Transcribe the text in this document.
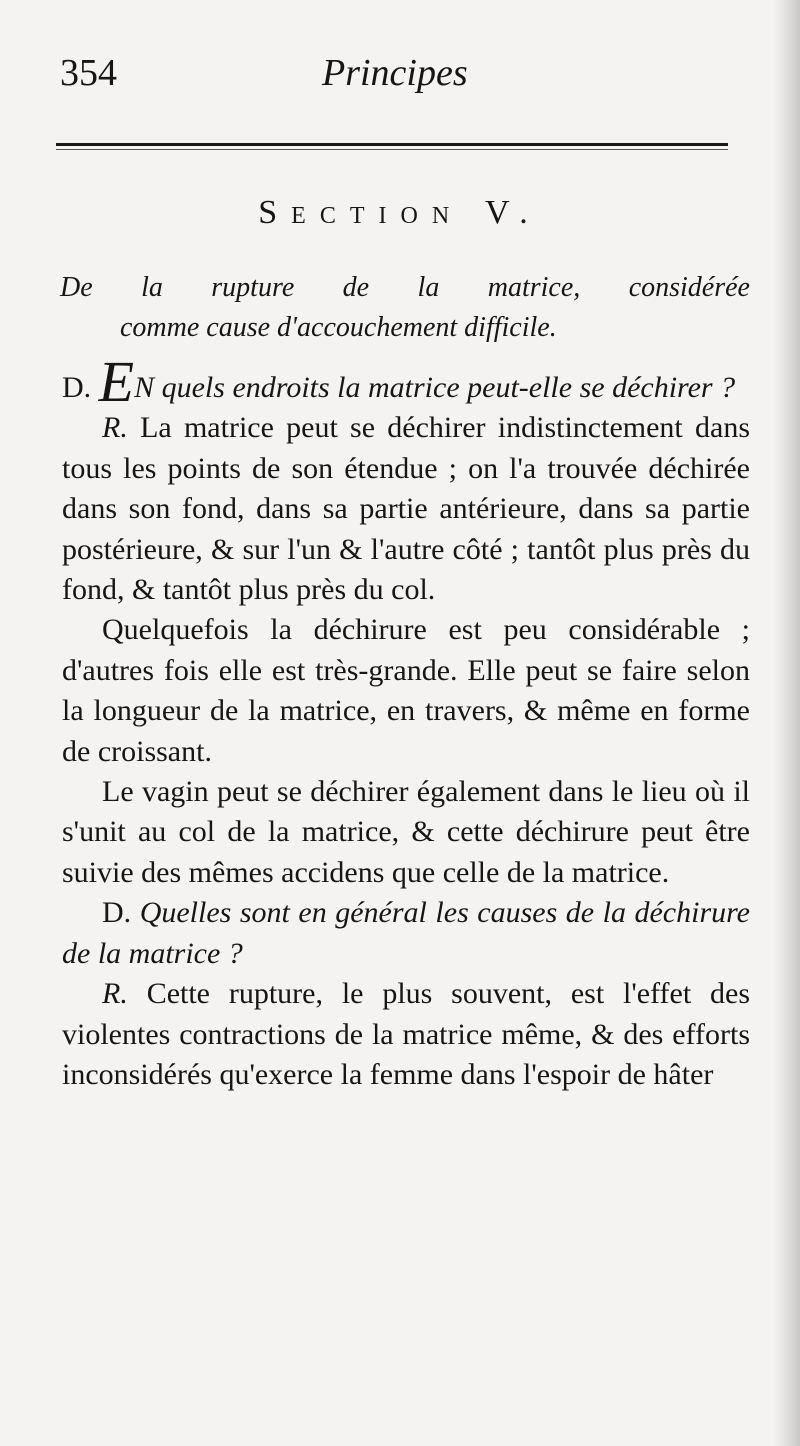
354	Principes
Section V.
De la rupture de la matrice, considérée
comme cause d'accouchement difficile.

D. EN quels endroits la matrice peut-elle se déchirer ?

R. La matrice peut se déchirer indistinctement dans tous les points de son étendue ; on l'a trouvée déchirée dans son fond, dans sa partie antérieure, dans sa partie postérieure, & sur l'un & l'autre côté ; tantôt plus près du fond, & tantôt plus près du col.

Quelquefois la déchirure est peu considérable ; d'autres fois elle est très-grande. Elle peut se faire selon la longueur de la matrice, en travers, & même en forme de croissant.

Le vagin peut se déchirer également dans le lieu où il s'unit au col de la matrice, & cette déchirure peut être suivie des mêmes accidens que celle de la matrice.

D. Quelles sont en général les causes de la déchirure de la matrice ?

R. Cette rupture, le plus souvent, est l'effet des violentes contractions de la matrice même, & des efforts inconsidérés qu'exerce la femme dans l'espoir de hâter
